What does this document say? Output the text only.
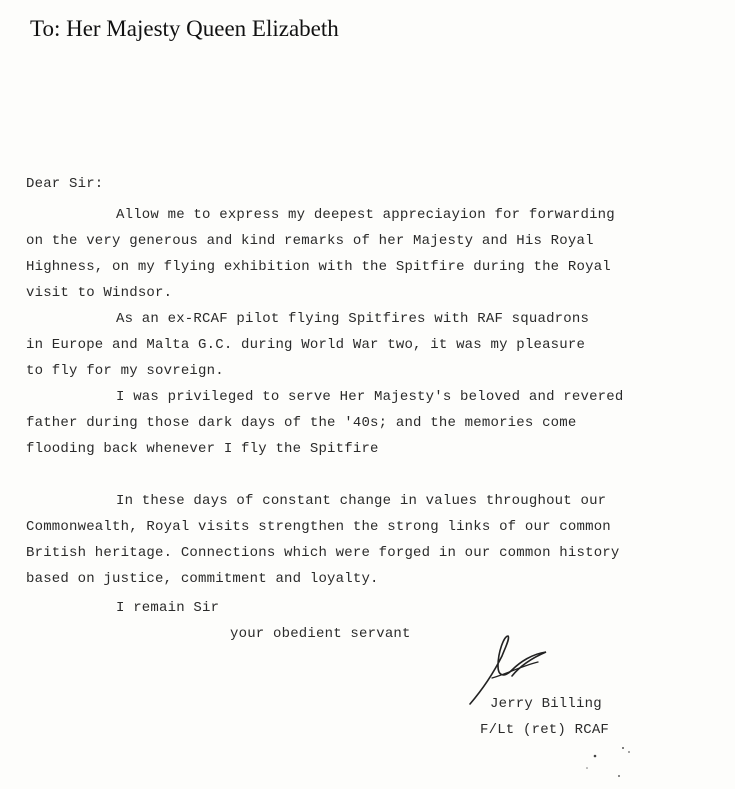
To: Her Majesty Queen Elizabeth
Dear Sir:
Allow me to express my deepest appreciayion for forwarding
on the very generous and kind remarks of her Majesty and His Royal
Highness, on my flying exhibition with the Spitfire during the Royal
visit to Windsor.
As an ex-RCAF pilot flying Spitfires with RAF squadrons
in Europe and Malta G.C. during World War two, it was my pleasure
to fly for my sovreign.
I was privileged to serve Her Majesty's beloved and revered
father during those dark days of the '40s; and the memories come
flooding back whenever I fly the Spitfire
In these days of constant change in values throughout our
Commonwealth, Royal visits strengthen the strong links of our common
British heritage. Connections which were forged in our common history
based on justice, commitment and loyalty.
I remain Sir
your obedient servant
Jerry Billing
F/Lt (ret) RCAF
